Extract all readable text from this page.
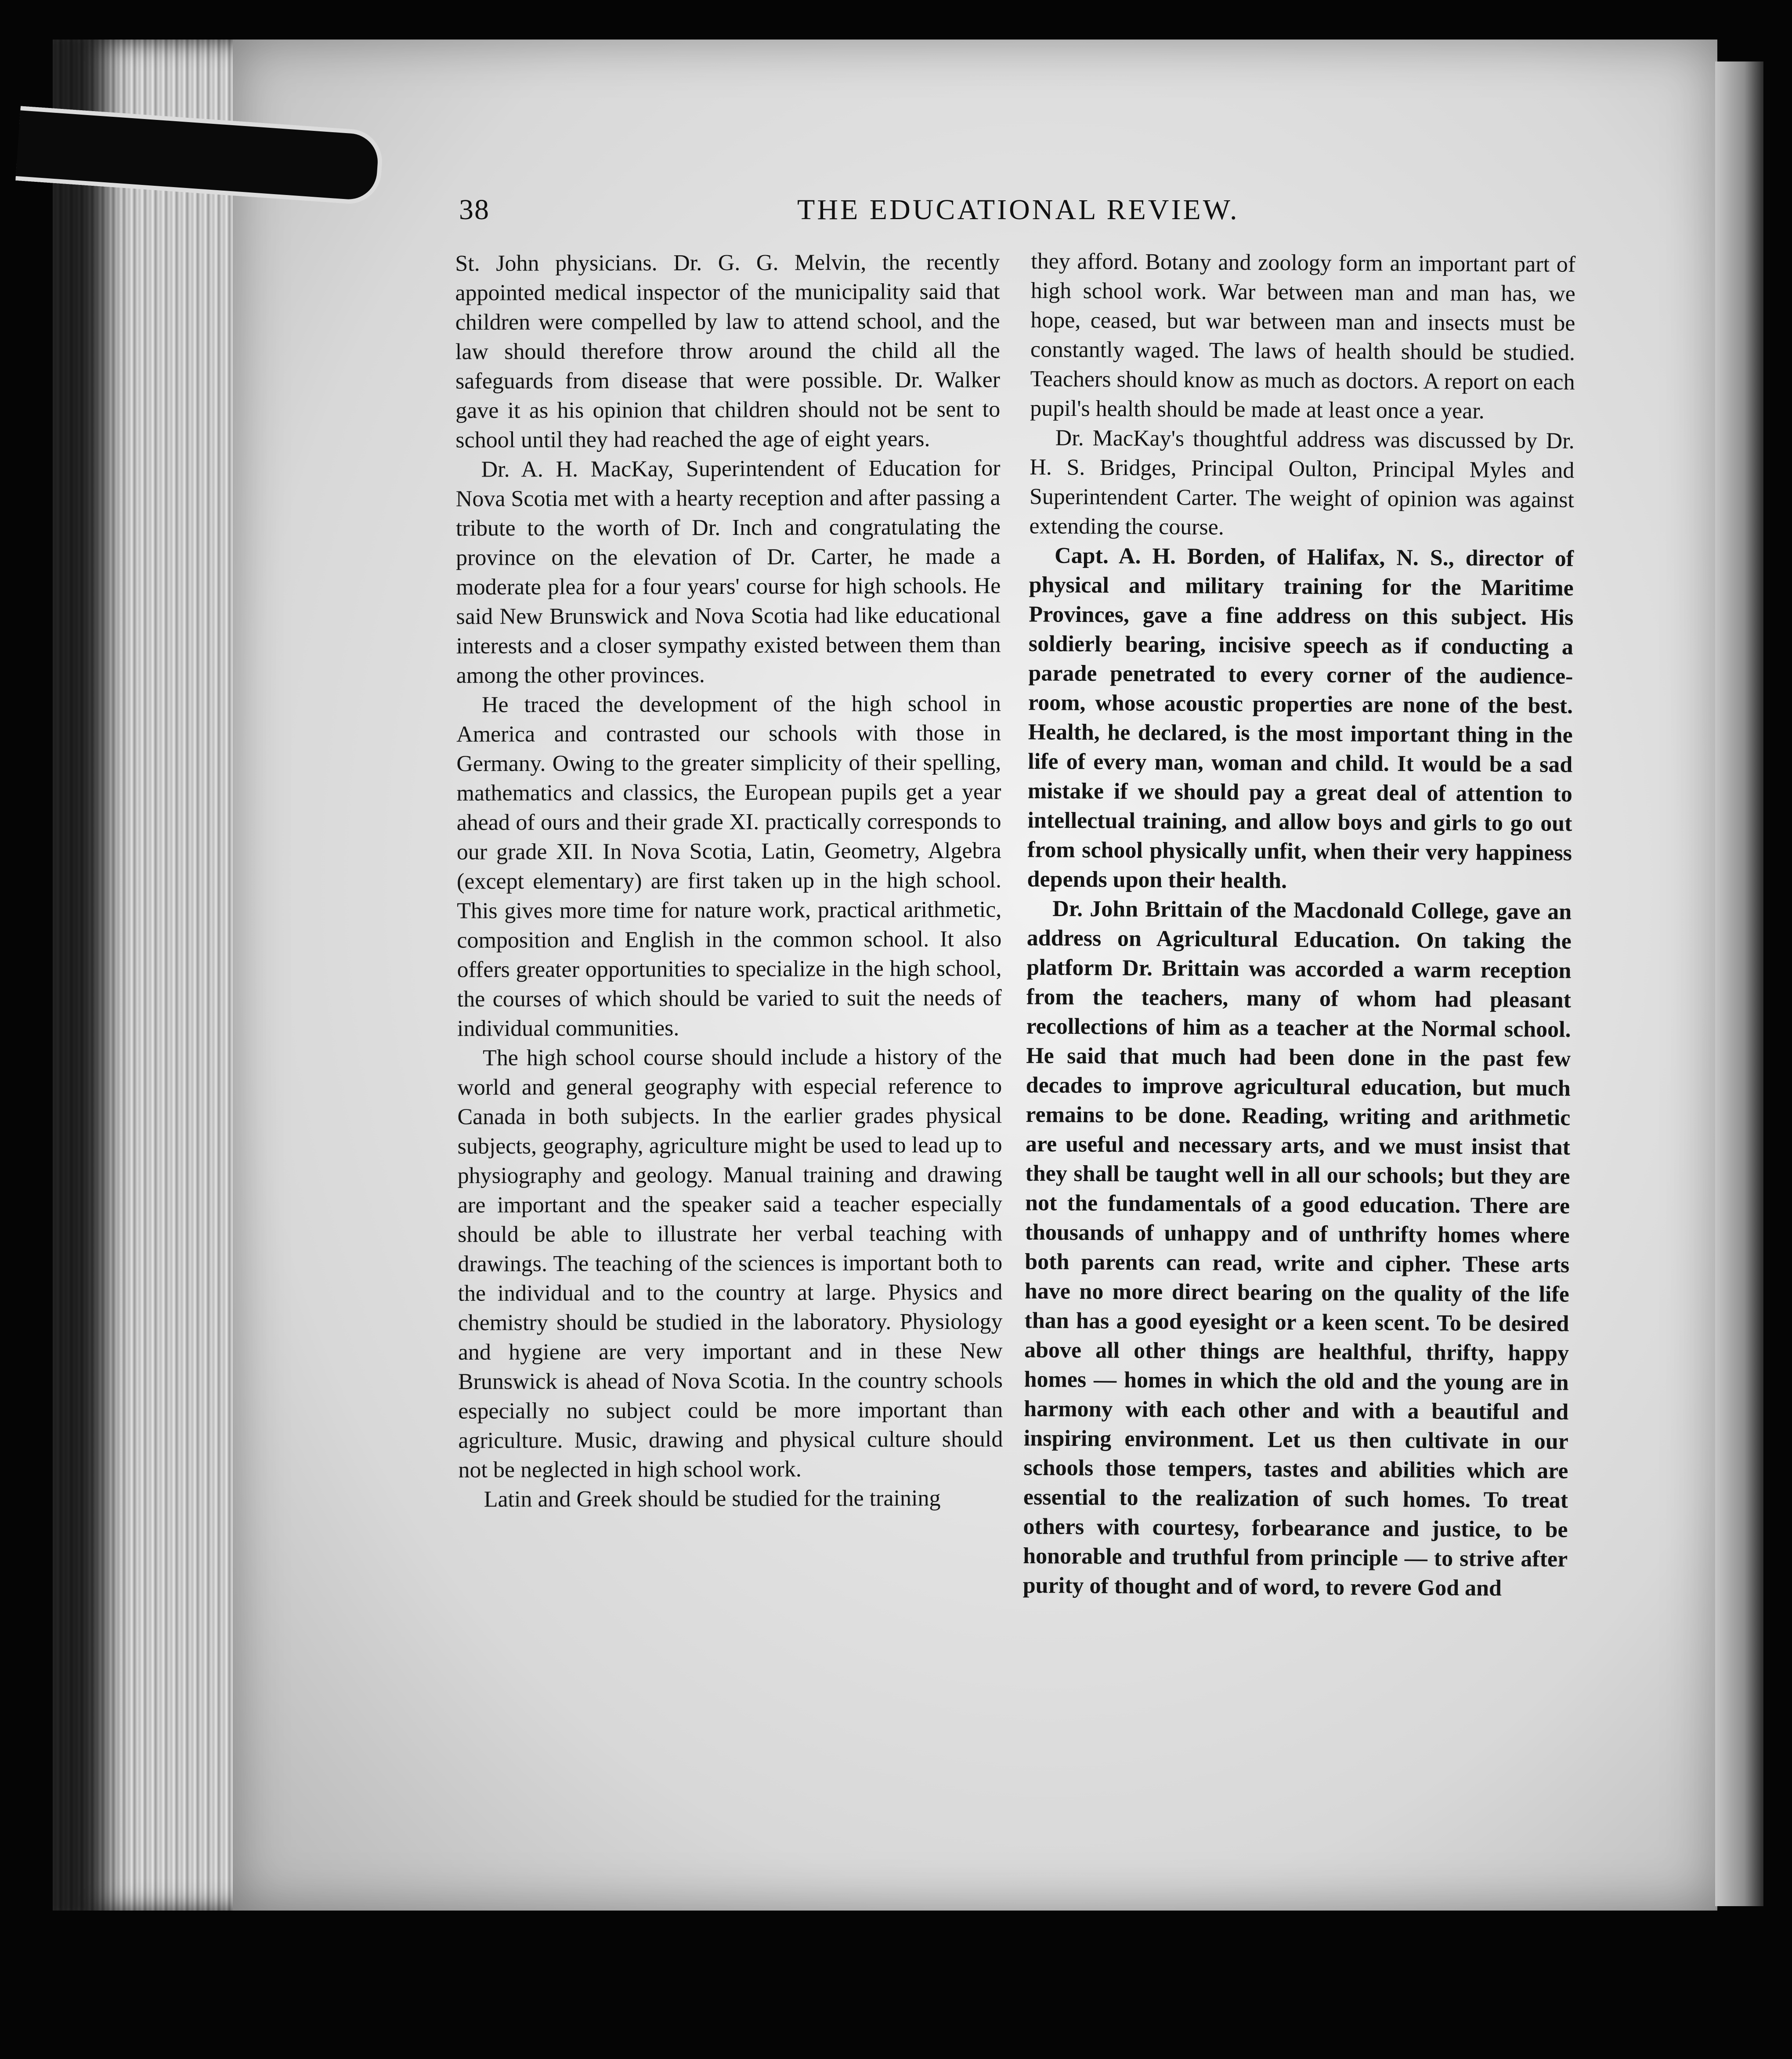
38	THE EDUCATIONAL REVIEW.

St. John physicians. Dr. G. G. Melvin, the recently appointed medical inspector of the municipality said that children were compelled by law to attend school, and the law should therefore throw around the child all the safeguards from disease that were possible. Dr. Walker gave it as his opinion that children should not be sent to school until they had reached the age of eight years.

Dr. A. H. MacKay, Superintendent of Education for Nova Scotia met with a hearty reception and after passing a tribute to the worth of Dr. Inch and congratulating the province on the elevation of Dr. Carter, he made a moderate plea for a four years' course for high schools. He said New Brunswick and Nova Scotia had like educational interests and a closer sympathy existed between them than among the other provinces.

He traced the development of the high school in America and contrasted our schools with those in Germany. Owing to the greater simplicity of their spelling, mathematics and classics, the European pupils get a year ahead of ours and their grade XI. practically corresponds to our grade XII. In Nova Scotia, Latin, Geometry, Algebra (except elementary) are first taken up in the high school. This gives more time for nature work, practical arithmetic, composition and English in the common school. It also offers greater opportunities to specialize in the high school, the courses of which should be varied to suit the needs of individual communities.

The high school course should include a history of the world and general geography with especial reference to Canada in both subjects. In the earlier grades physical subjects, geography, agriculture might be used to lead up to physiography and geology. Manual training and drawing are important and the speaker said a teacher especially should be able to illustrate her verbal teaching with drawings. The teaching of the sciences is important both to the individual and to the country at large. Physics and chemistry should be studied in the laboratory. Physiology and hygiene are very important and in these New Brunswick is ahead of Nova Scotia. In the country schools especially no subject could be more important than agriculture. Music, drawing and physical culture should not be neglected in high school work.

Latin and Greek should be studied for the training

they afford. Botany and zoology form an important part of high school work. War between man and man has, we hope, ceased, but war between man and insects must be constantly waged. The laws of health should be studied. Teachers should know as much as doctors. A report on each pupil's health should be made at least once a year.

Dr. MacKay's thoughtful address was discussed by Dr. H. S. Bridges, Principal Oulton, Principal Myles and Superintendent Carter. The weight of opinion was against extending the course.

Capt. A. H. Borden, of Halifax, N. S., director of physical and military training for the Maritime Provinces, gave a fine address on this subject. His soldierly bearing, incisive speech as if conducting a parade penetrated to every corner of the audience-room, whose acoustic properties are none of the best. Health, he declared, is the most important thing in the life of every man, woman and child. It would be a sad mistake if we should pay a great deal of attention to intellectual training, and allow boys and girls to go out from school physically unfit, when their very happiness depends upon their health.

Dr. John Brittain of the Macdonald College, gave an address on Agricultural Education. On taking the platform Dr. Brittain was accorded a warm reception from the teachers, many of whom had pleasant recollections of him as a teacher at the Normal school. He said that much had been done in the past few decades to improve agricultural education, but much remains to be done. Reading, writing and arithmetic are useful and necessary arts, and we must insist that they shall be taught well in all our schools; but they are not the fundamentals of a good education. There are thousands of unhappy and of unthrifty homes where both parents can read, write and cipher. These arts have no more direct bearing on the quality of the life than has a good eyesight or a keen scent. To be desired above all other things are healthful, thrifty, happy homes — homes in which the old and the young are in harmony with each other and with a beautiful and inspiring environment. Let us then cultivate in our schools those tempers, tastes and abilities which are essential to the realization of such homes. To treat others with courtesy, forbearance and justice, to be honorable and truthful from principle — to strive after purity of thought and of word, to revere God and
